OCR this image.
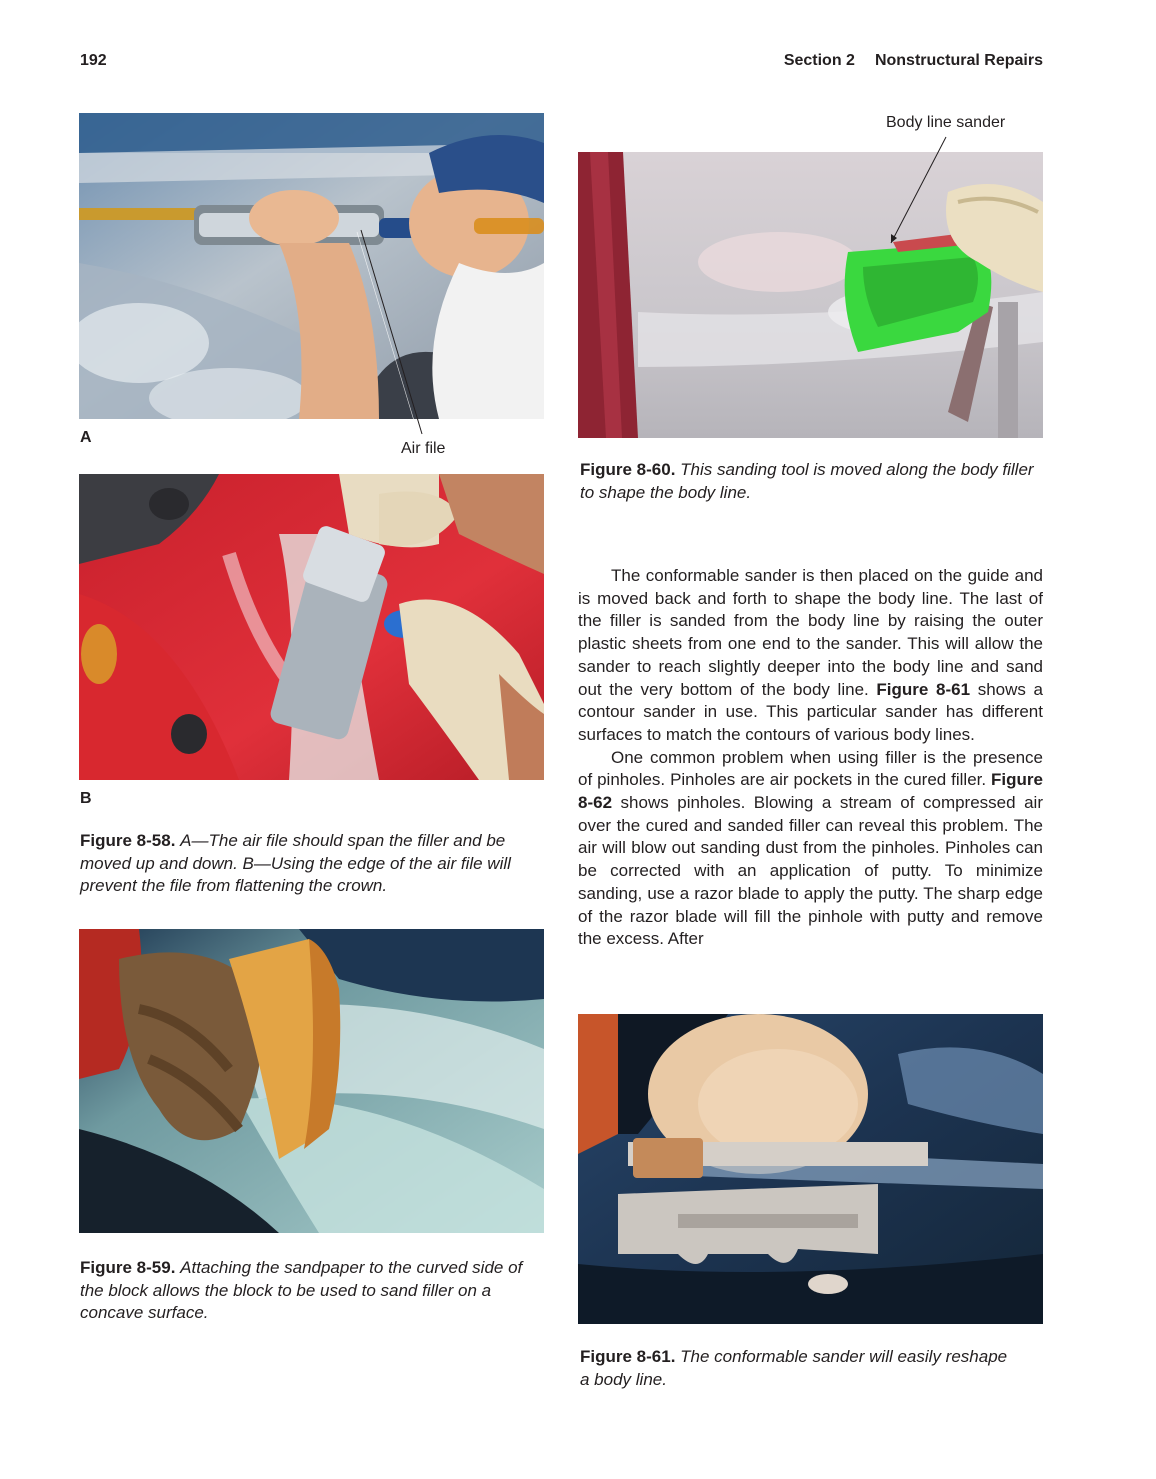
192	Section 2 Nonstructural Repairs
A
Air file
B
Figure 8-58. A—The air file should span the filler and be moved up and down. B—Using the edge of the air file will prevent the file from flattening the crown.
Figure 8-59. Attaching the sandpaper to the curved side of the block allows the block to be used to sand filler on a concave surface.
Body line sander
Figure 8-60. This sanding tool is moved along the body filler to shape the body line.

The conformable sander is then placed on the guide and is moved back and forth to shape the body line. The last of the filler is sanded from the body line by raising the outer plastic sheets from one end to the sander. This will allow the sander to reach slightly deeper into the body line and sand out the very bottom of the body line. Figure 8-61 shows a contour sander in use. This particular sander has different surfaces to match the contours of various body lines.

One common problem when using filler is the presence of pinholes. Pinholes are air pockets in the cured filler. Figure 8-62 shows pinholes. Blowing a stream of compressed air over the cured and sanded filler can reveal this problem. The air will blow out sanding dust from the pinholes. Pinholes can be corrected with an application of putty. To minimize sanding, use a razor blade to apply the putty. The sharp edge of the razor blade will fill the pinhole with putty and remove the excess. After

Figure 8-61. The conformable sander will easily reshape a body line.
